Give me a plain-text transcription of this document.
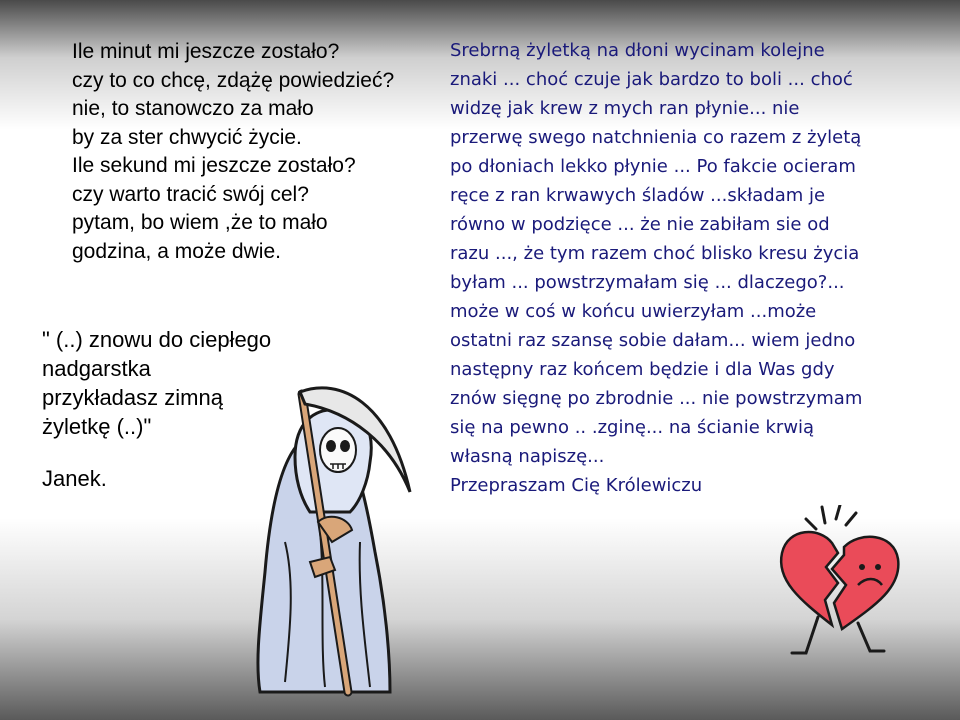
Ile minut mi jeszcze zostało?
czy to co chcę, zdążę powiedzieć?
nie, to stanowczo za mało
by za ster chwycić życie.
Ile sekund mi jeszcze zostało?
czy warto tracić swój cel?
pytam, bo wiem ,że to mało
godzina, a może dwie.
" (..) znowu do ciepłego
nadgarstka
przykładasz zimną
żyletkę (..)"
Janek.
Srebrną żyletką na dłoni wycinam kolejne
znaki ... choć czuje jak bardzo to boli ... choć
widzę jak krew z mych ran płynie... nie
przerwę swego natchnienia co razem z żyletą
po dłoniach lekko płynie ... Po fakcie ocieram
ręce z ran krwawych śladów ...składam je
równo w podzięce ... że nie zabiłam sie od
razu ..., że tym razem choć blisko kresu życia
byłam ... powstrzymałam się ... dlaczego?...
może w coś w końcu uwierzyłam ...może
ostatni raz szansę sobie dałam... wiem jedno
następny raz końcem będzie i dla Was gdy
znów sięgnę po zbrodnie ... nie powstrzymam
się na pewno .. .zginę... na ścianie krwią
własną napiszę...
Przepraszam Cię Królewiczu
